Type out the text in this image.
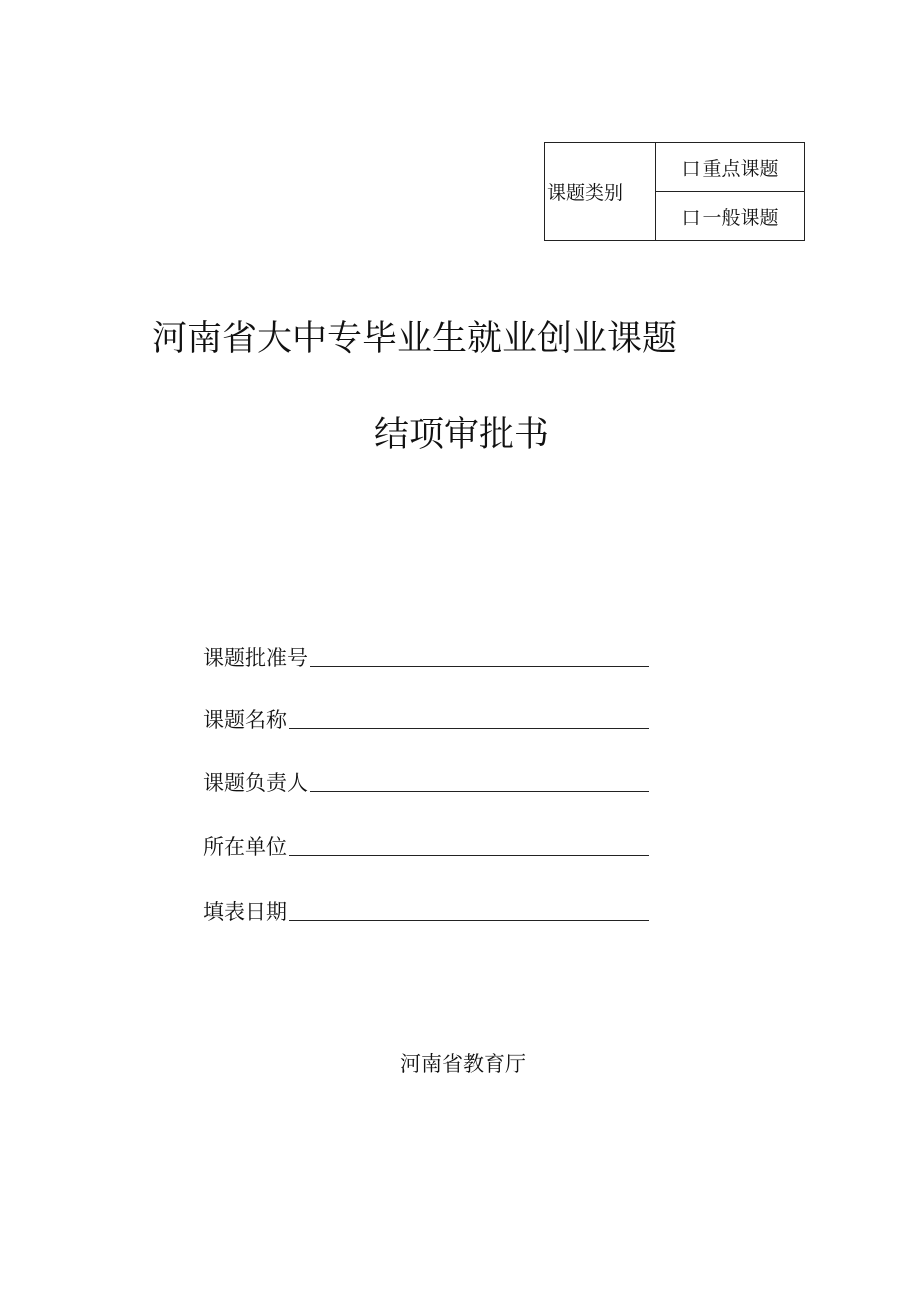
课题类别	口 重点课题
口 一般课题
河南省大中专毕业生就业创业课题
结项审批书
课题批准号
课题名称
课题负责人
所在单位
填表日期
河南省教育厅
